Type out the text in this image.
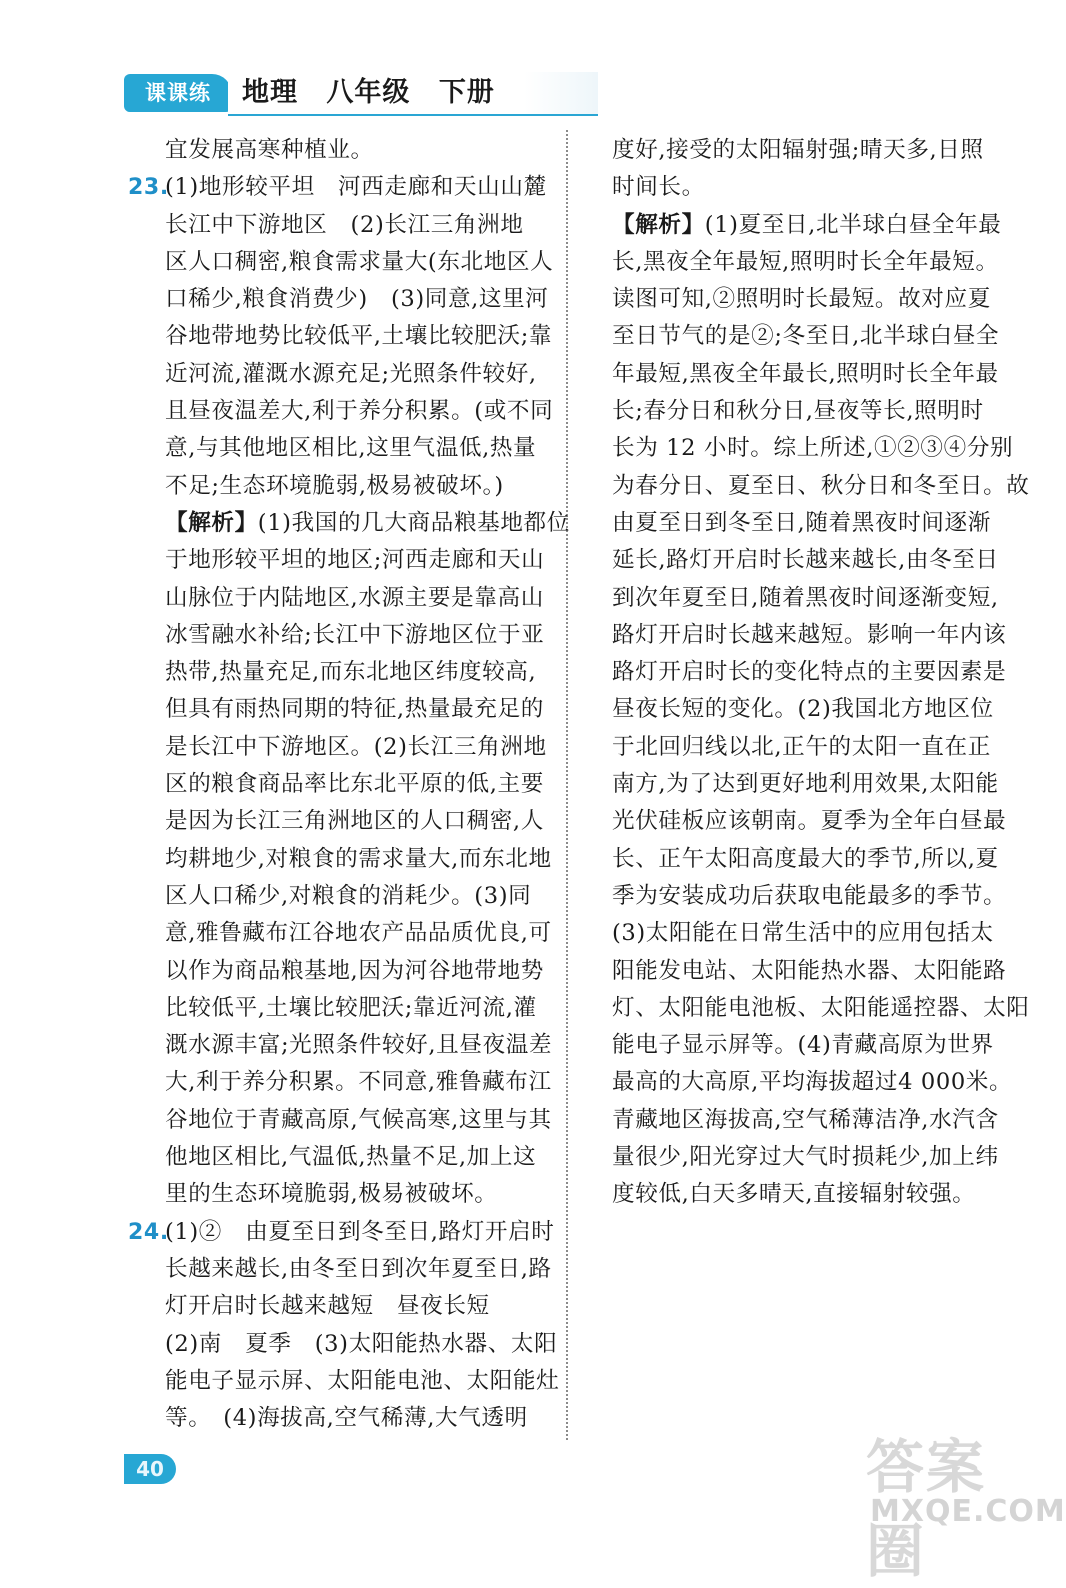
课课练	地理 八年级 下册
宜发展高寒种植业。
23.(1)地形较平坦　河西走廊和天山山麓
长江中下游地区　(2)长江三角洲地
区人口稠密,粮食需求量大(东北地区人
口稀少,粮食消费少)　(3)同意,这里河
谷地带地势比较低平,土壤比较肥沃;靠
近河流,灌溉水源充足;光照条件较好,
且昼夜温差大,利于养分积累。(或不同
意,与其他地区相比,这里气温低,热量
不足;生态环境脆弱,极易被破坏。)
【解析】(1)我国的几大商品粮基地都位
于地形较平坦的地区;河西走廊和天山
山脉位于内陆地区,水源主要是靠高山
冰雪融水补给;长江中下游地区位于亚
热带,热量充足,而东北地区纬度较高,
但具有雨热同期的特征,热量最充足的
是长江中下游地区。(2)长江三角洲地
区的粮食商品率比东北平原的低,主要
是因为长江三角洲地区的人口稠密,人
均耕地少,对粮食的需求量大,而东北地
区人口稀少,对粮食的消耗少。(3)同
意,雅鲁藏布江谷地农产品品质优良,可
以作为商品粮基地,因为河谷地带地势
比较低平,土壤比较肥沃;靠近河流,灌
溉水源丰富;光照条件较好,且昼夜温差
大,利于养分积累。不同意,雅鲁藏布江
谷地位于青藏高原,气候高寒,这里与其
他地区相比,气温低,热量不足,加上这
里的生态环境脆弱,极易被破坏。
24.(1)②　由夏至日到冬至日,路灯开启时
长越来越长,由冬至日到次年夏至日,路
灯开启时长越来越短　昼夜长短
(2)南　夏季　(3)太阳能热水器、太阳
能电子显示屏、太阳能电池、太阳能灶
等。　(4)海拔高,空气稀薄,大气透明
度好,接受的太阳辐射强;晴天多,日照
时间长。
【解析】(1)夏至日,北半球白昼全年最
长,黑夜全年最短,照明时长全年最短。
读图可知,②照明时长最短。故对应夏
至日节气的是②;冬至日,北半球白昼全
年最短,黑夜全年最长,照明时长全年最
长;春分日和秋分日,昼夜等长,照明时
长为 12 小时。综上所述,①②③④分别
为春分日、夏至日、秋分日和冬至日。故
由夏至日到冬至日,随着黑夜时间逐渐
延长,路灯开启时长越来越长,由冬至日
到次年夏至日,随着黑夜时间逐渐变短,
路灯开启时长越来越短。影响一年内该
路灯开启时长的变化特点的主要因素是
昼夜长短的变化。(2)我国北方地区位
于北回归线以北,正午的太阳一直在正
南方,为了达到更好地利用效果,太阳能
光伏硅板应该朝南。夏季为全年白昼最
长、正午太阳高度最大的季节,所以,夏
季为安装成功后获取电能最多的季节。
(3)太阳能在日常生活中的应用包括太
阳能发电站、太阳能热水器、太阳能路
灯、太阳能电池板、太阳能遥控器、太阳
能电子显示屏等。(4)青藏高原为世界
最高的大高原,平均海拔超过4 000米。
青藏地区海拔高,空气稀薄洁净,水汽含
量很少,阳光穿过大气时损耗少,加上纬
度较低,白天多晴天,直接辐射较强。
40	答案圈
MXQE.COM
